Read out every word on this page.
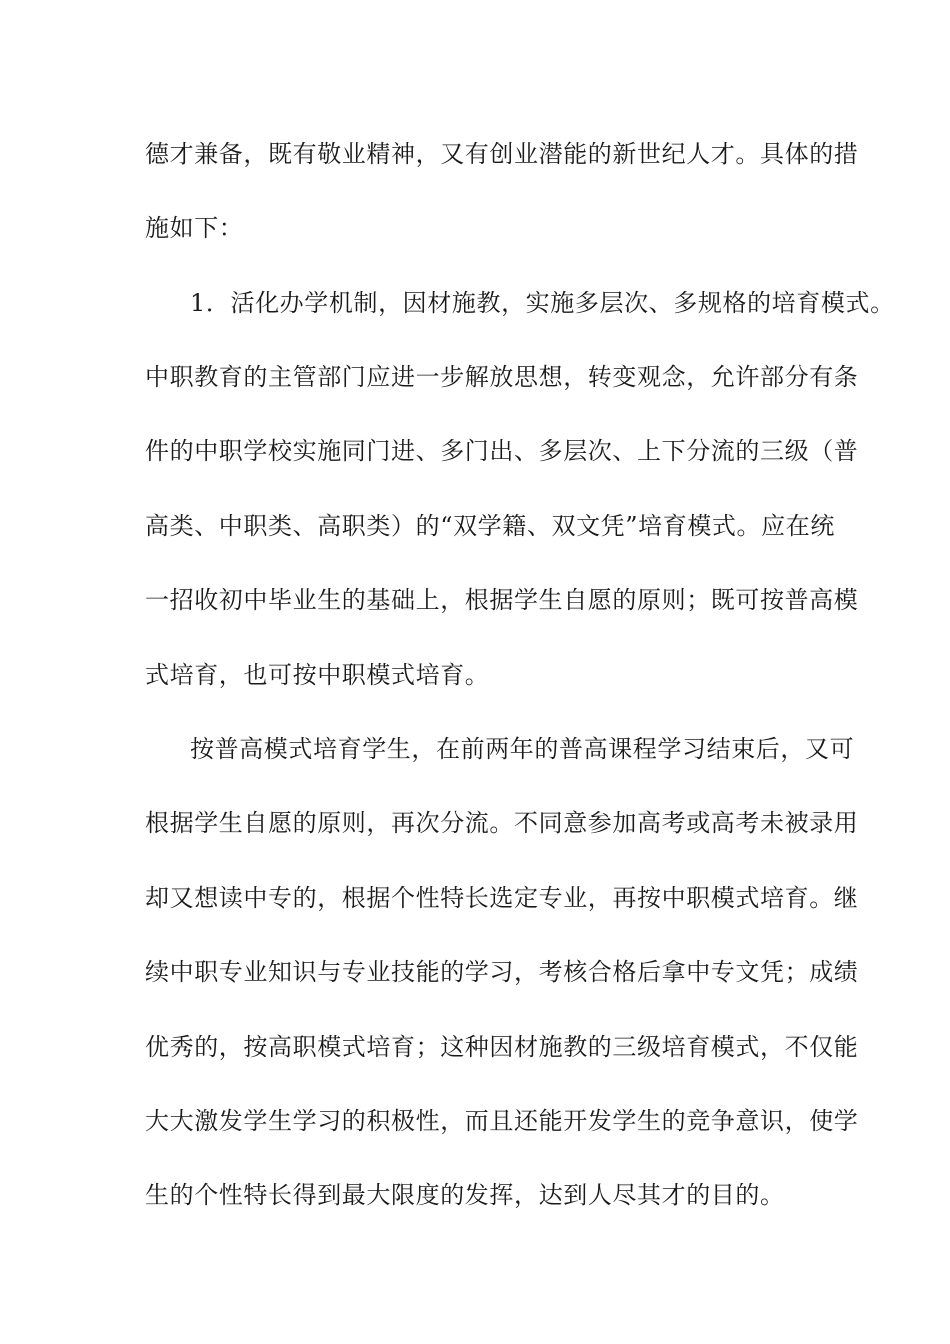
德才兼备，既有敬业精神，又有创业潜能的新世纪人才。具体的措
施如下：
1．活化办学机制，因材施教，实施多层次、多规格的培育模式。
中职教育的主管部门应进一步解放思想，转变观念，允许部分有条
件的中职学校实施同门进、多门出、多层次、上下分流的三级（普
高类、中职类、高职类）的“双学籍、双文凭”培育模式。应在统
一招收初中毕业生的基础上，根据学生自愿的原则；既可按普高模
式培育，也可按中职模式培育。
按普高模式培育学生，在前两年的普高课程学习结束后，又可
根据学生自愿的原则，再次分流。不同意参加高考或高考未被录用
却又想读中专的，根据个性特长选定专业，再按中职模式培育。继
续中职专业知识与专业技能的学习，考核合格后拿中专文凭；成绩
优秀的，按高职模式培育；这种因材施教的三级培育模式，不仅能
大大激发学生学习的积极性，而且还能开发学生的竞争意识，使学
生的个性特长得到最大限度的发挥，达到人尽其才的目的。
